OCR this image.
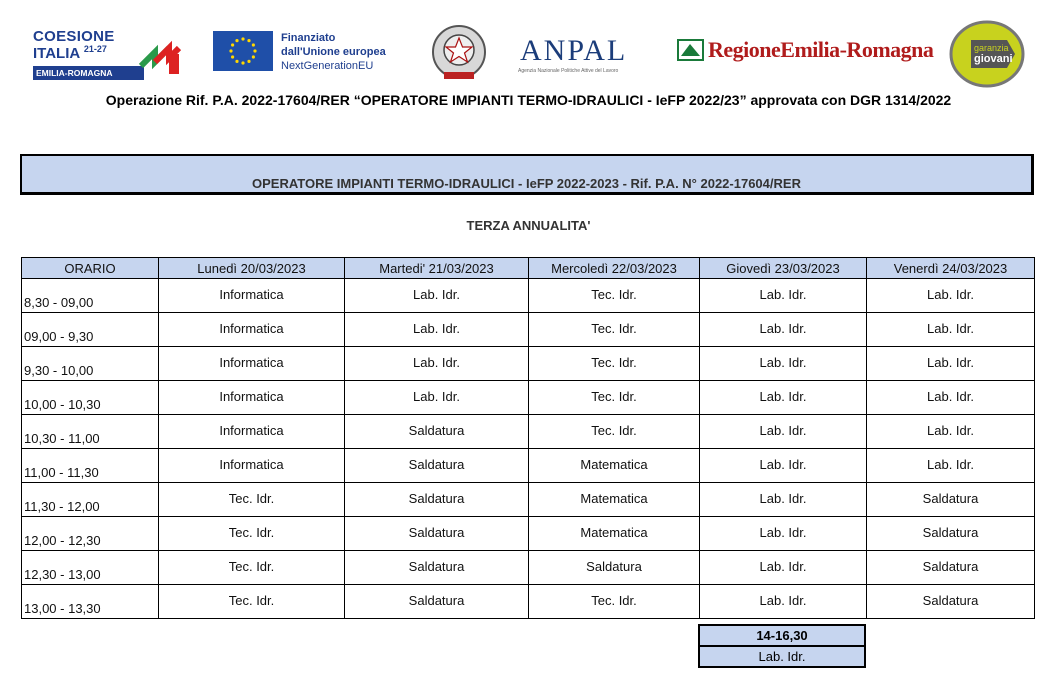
COESIONE
ITALIA $^{21-27}$
EMILIA-ROMAGNA
Finanziato
dall'Unione europea
NextGenerationEU	ANPAL
Agenzia Nazionale Politiche Attive del Lavoro
RegioneEmilia-Romagna	garanzia
giovani
Operazione Rif. P.A. 2022-17604/RER “OPERATORE IMPIANTI TERMO-IDRAULICI - IeFP 2022/23” approvata con DGR 1314/2022
OPERATORE IMPIANTI TERMO-IDRAULICI - IeFP 2022-2023 - Rif. P.A. N° 2022-17604/RER
TERZA ANNUALITA'
ORARIO	Lunedì 20/03/2023	Martedi' 21/03/2023	Mercoledì 22/03/2023	Giovedì 23/03/2023	Venerdì 24/03/2023
8,30 - 09,00	Informatica	Lab. Idr.	Tec. Idr.	Lab. Idr.	Lab. Idr.
09,00 - 9,30	Informatica	Lab. Idr.	Tec. Idr.	Lab. Idr.	Lab. Idr.
9,30 - 10,00	Informatica	Lab. Idr.	Tec. Idr.	Lab. Idr.	Lab. Idr.
10,00 - 10,30	Informatica	Lab. Idr.	Tec. Idr.	Lab. Idr.	Lab. Idr.
10,30 - 11,00	Informatica	Saldatura	Tec. Idr.	Lab. Idr.	Lab. Idr.
11,00 - 11,30	Informatica	Saldatura	Matematica	Lab. Idr.	Lab. Idr.
11,30 - 12,00	Tec. Idr.	Saldatura	Matematica	Lab. Idr.	Saldatura
12,00 - 12,30	Tec. Idr.	Saldatura	Matematica	Lab. Idr.	Saldatura
12,30 - 13,00	Tec. Idr.	Saldatura	Saldatura	Lab. Idr.	Saldatura
13,00 - 13,30	Tec. Idr.	Saldatura	Tec. Idr.	Lab. Idr.	Saldatura
14-16,30
Lab. Idr.
